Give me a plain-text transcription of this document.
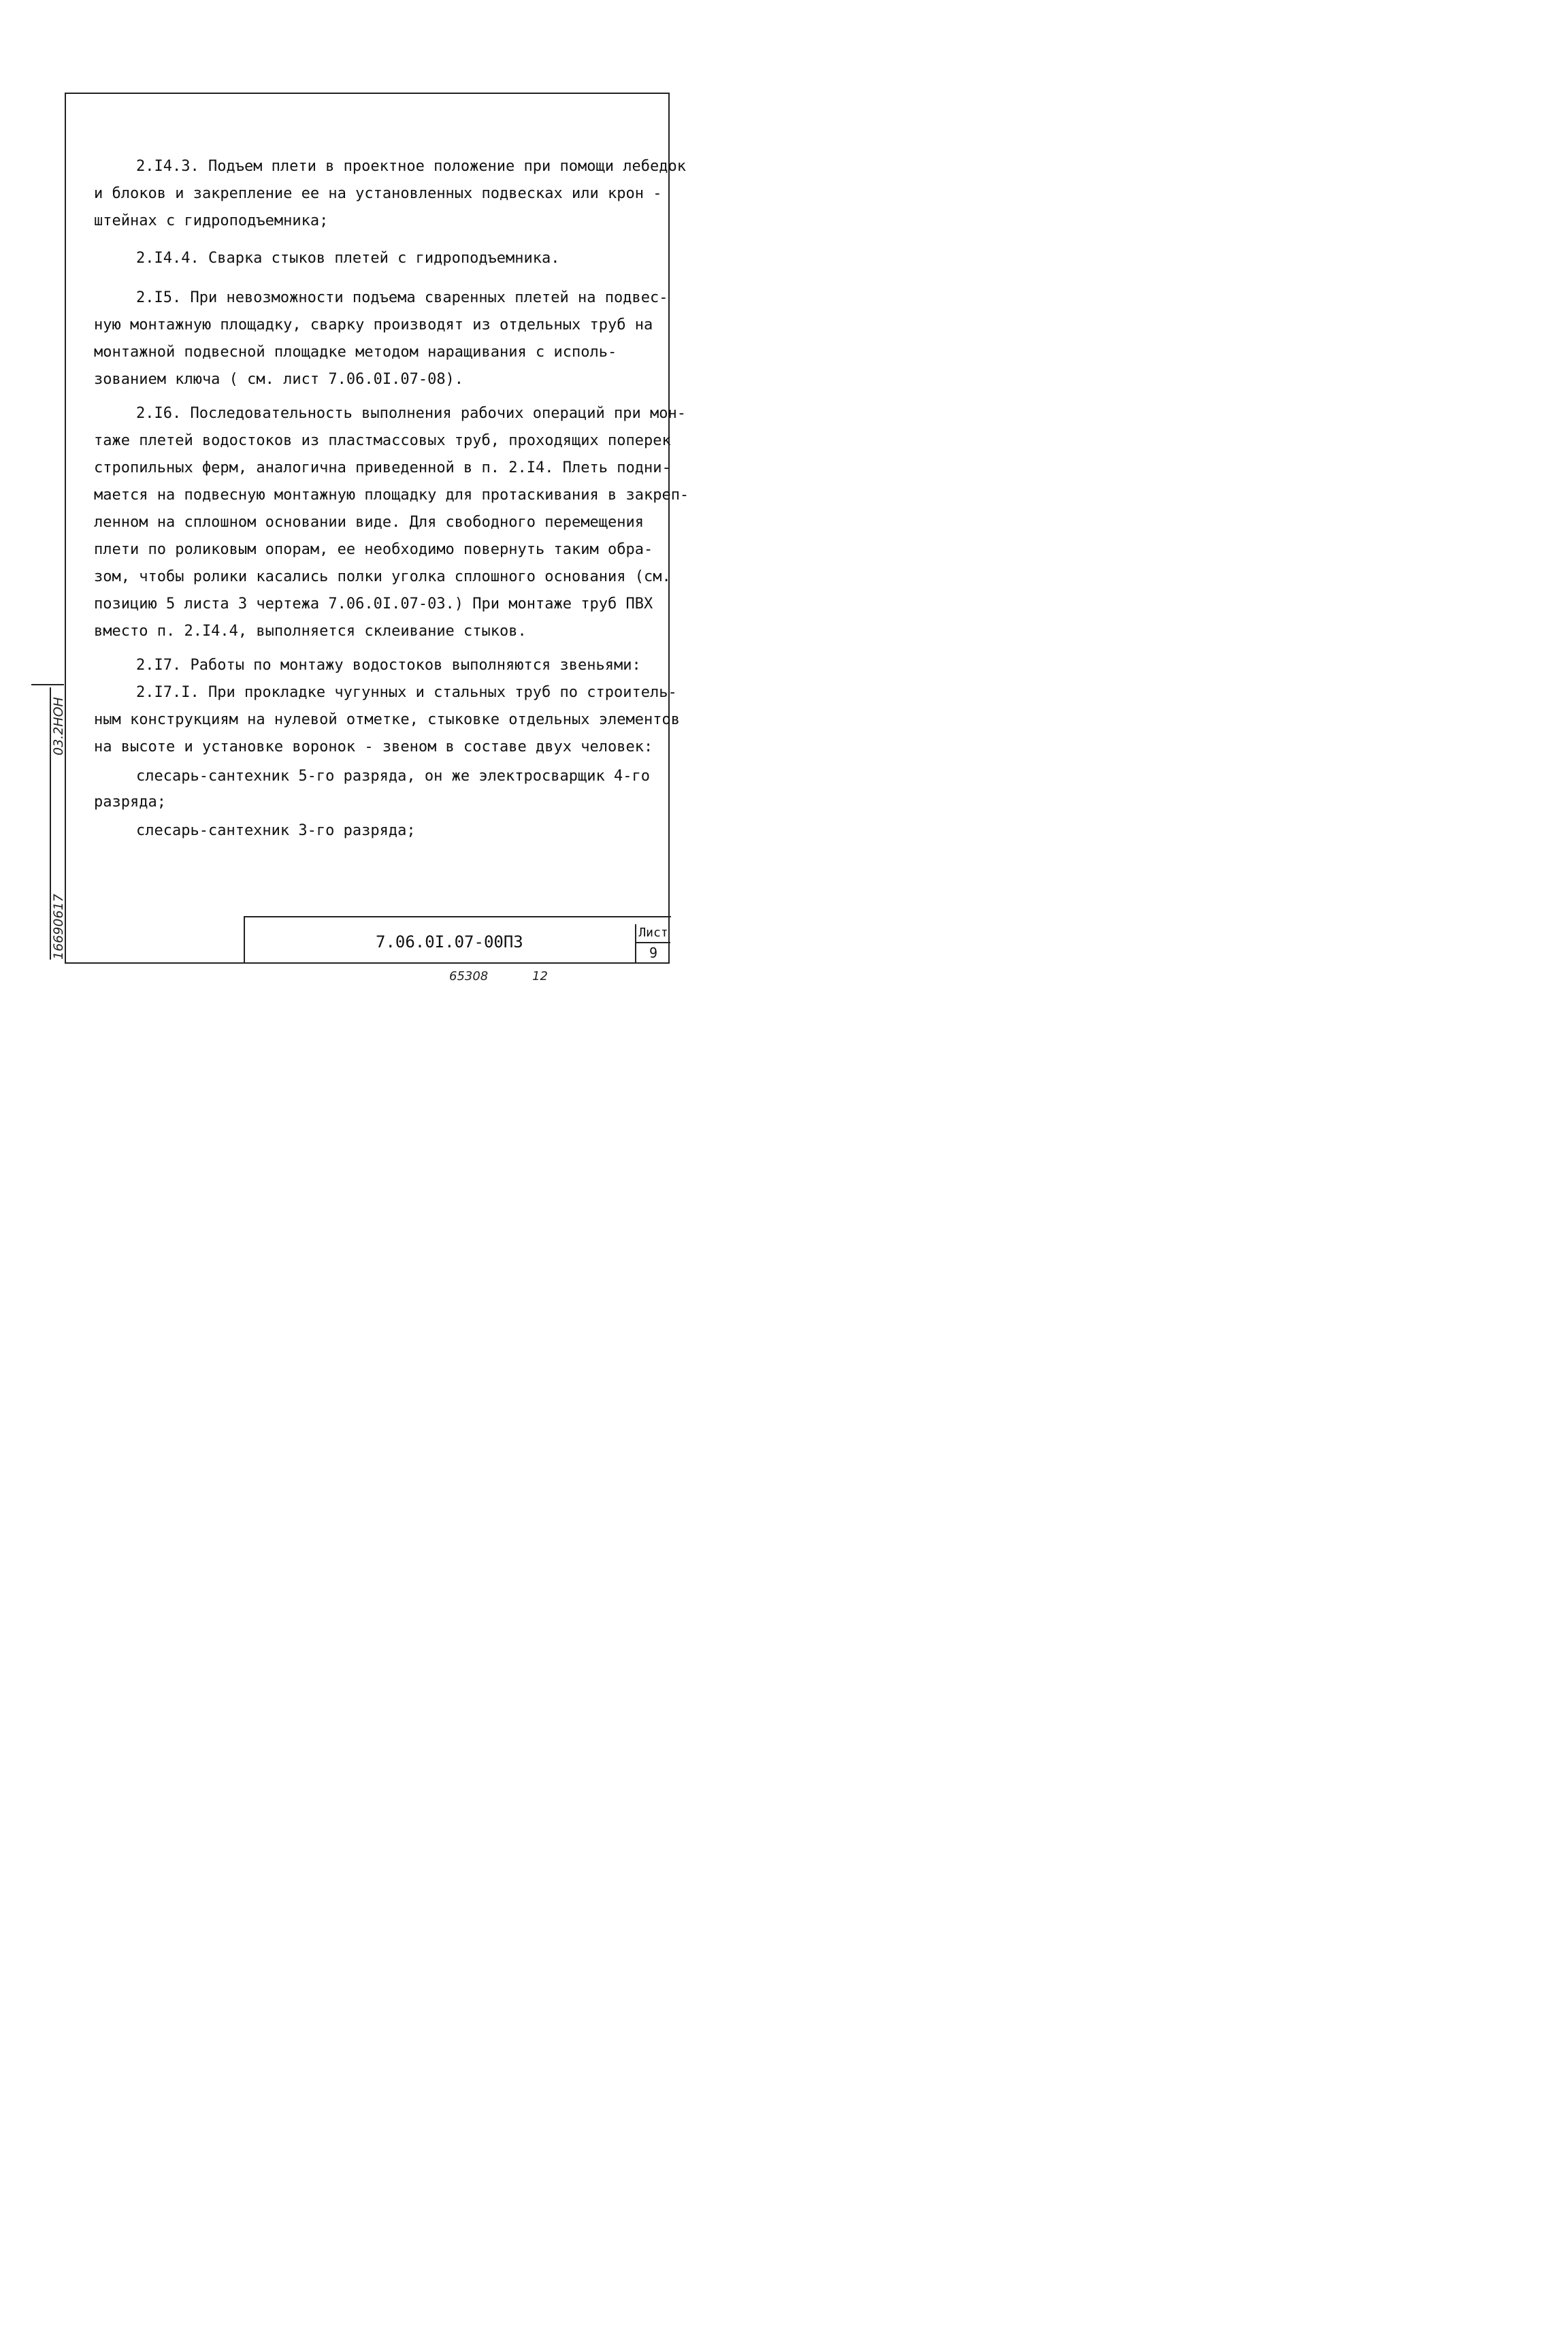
2.I4.3. Подъем плети в проектное положение при помощи лебедок
и блоков и закрепление ее на установленных подвесках или крон -
штейнах с гидроподъемника;
2.I4.4. Сварка стыков плетей с гидроподъемника.
2.I5. При невозможности подъема сваренных плетей на подвес-
ную монтажную площадку, сварку производят из отдельных труб на
монтажной подвесной площадке методом наращивания с исполь-
зованием ключа ( см. лист 7.06.0I.07-08).
2.I6. Последовательность выполнения рабочих операций при мон-
таже плетей водостоков из пластмассовых труб, проходящих поперек
стропильных ферм, аналогична приведенной в п. 2.I4. Плеть подни-
мается на подвесную монтажную площадку для протаскивания в закреп-
ленном на сплошном основании виде. Для свободного перемещения
плети по роликовым опорам, ее необходимо повернуть таким обра-
зом, чтобы ролики касались полки уголка сплошного основания (см.
позицию 5 листа 3 чертежа 7.06.0I.07-03.) При монтаже труб ПВХ
вместо п. 2.I4.4, выполняется склеивание стыков.
2.I7. Работы по монтажу водостоков выполняются звеньями:
2.I7.I. При прокладке чугунных и стальных труб по строитель-
ным конструкциям на нулевой отметке, стыковке отдельных элементов
на высоте и установке воронок - звеном в составе двух человек:
слесарь-сантехник 5-го разряда, он же электросварщик 4-го
разряда;
слесарь-сантехник 3-го разряда;
7.06.0I.07-00ПЗ	Лист
9
16690617
03.2НОН
65308	12
